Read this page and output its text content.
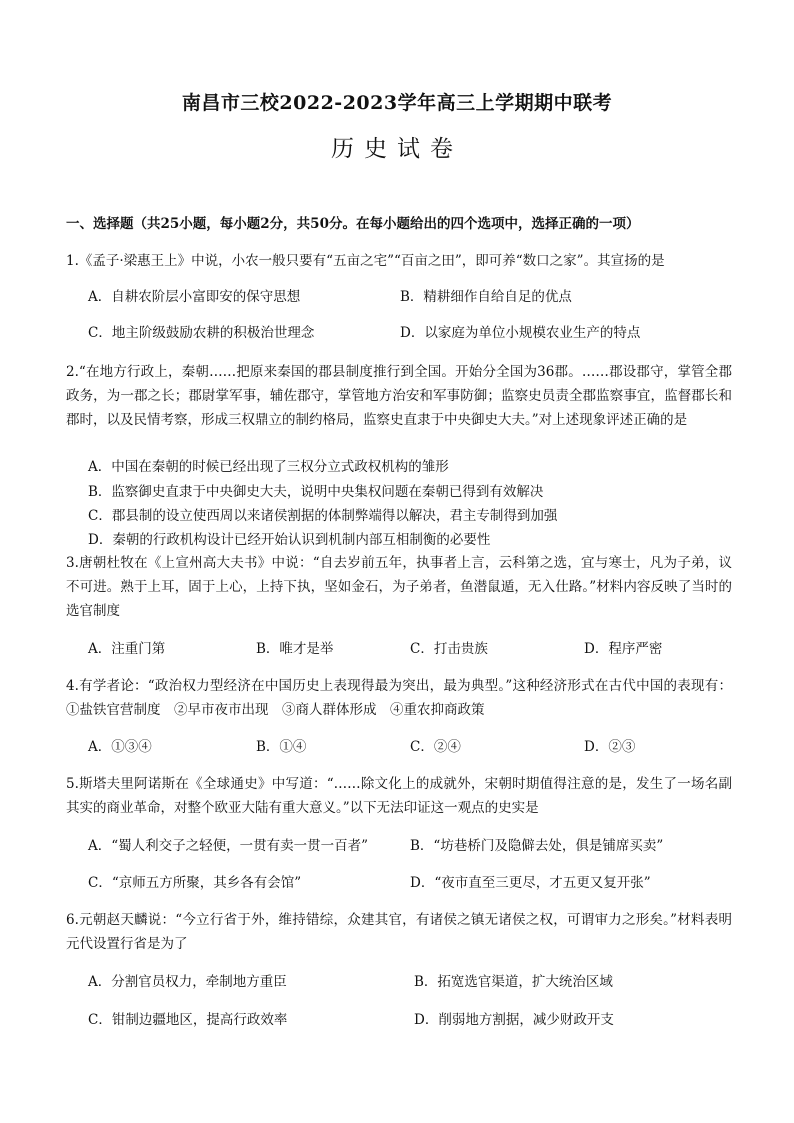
南昌市三校2022-2023学年高三上学期期中联考
历史试卷
一、选择题（共25小题，每小题2分，共50分。在每小题给出的四个选项中，选择正确的一项）
1.《孟子·梁惠王上》中说，小农一般只要有“五亩之宅”“百亩之田”，即可养“数口之家”。其宣扬的是
A．自耕农阶层小富即安的保守思想	B．精耕细作自给自足的优点
C．地主阶级鼓励农耕的积极治世理念	D．以家庭为单位小规模农业生产的特点
2.“在地方行政上，秦朝……把原来秦国的郡县制度推行到全国。开始分全国为36郡。……郡设郡守，掌管全郡政务，为一郡之长；郡尉掌军事，辅佐郡守，掌管地方治安和军事防御；监察史员责全郡监察事宜，监督郡长和郡时，以及民情考察，形成三权鼎立的制约格局，监察史直隶于中央御史大夫。”对上述现象评述正确的是
A．中国在秦朝的时候已经出现了三权分立式政权机构的雏形
B．监察御史直隶于中央御史大夫，说明中央集权问题在秦朝已得到有效解决
C．郡县制的设立使西周以来诸侯割据的体制弊端得以解决，君主专制得到加强
D．秦朝的行政机构设计已经开始认识到机制内部互相制衡的必要性
3.唐朝杜牧在《上宣州高大夫书》中说：“自去岁前五年，执事者上言，云科第之选，宜与寒士，凡为子弟，议不可进。熟于上耳，固于上心，上持下执，坚如金石，为子弟者，鱼潜鼠遁，无入仕路。”材料内容反映了当时的选官制度
A．注重门第	B．唯才是举	C．打击贵族	D．程序严密
4.有学者论：“政治权力型经济在中国历史上表现得最为突出，最为典型。”这种经济形式在古代中国的表现有：①盐铁官营制度　②早市夜市出现　③商人群体形成　④重农抑商政策
A．①③④	B．①④	C．②④	D．②③
5.斯塔夫里阿诺斯在《全球通史》中写道：“……除文化上的成就外，宋朝时期值得注意的是，发生了一场名副其实的商业革命，对整个欧亚大陆有重大意义。”以下无法印证这一观点的史实是
A．“蜀人利交子之轻便，一贯有卖一贯一百者”	B．“坊巷桥门及隐僻去处，俱是铺席买卖”
C．“京师五方所聚，其乡各有会馆”	D．“夜市直至三更尽，才五更又复开张”
6.元朝赵天麟说：“今立行省于外，维持错综，众建其官，有诸侯之镇无诸侯之权，可谓审力之形矣。”材料表明元代设置行省是为了
A．分割官员权力，牵制地方重臣	B．拓宽选官渠道，扩大统治区域
C．钳制边疆地区，提高行政效率	D．削弱地方割据，减少财政开支
